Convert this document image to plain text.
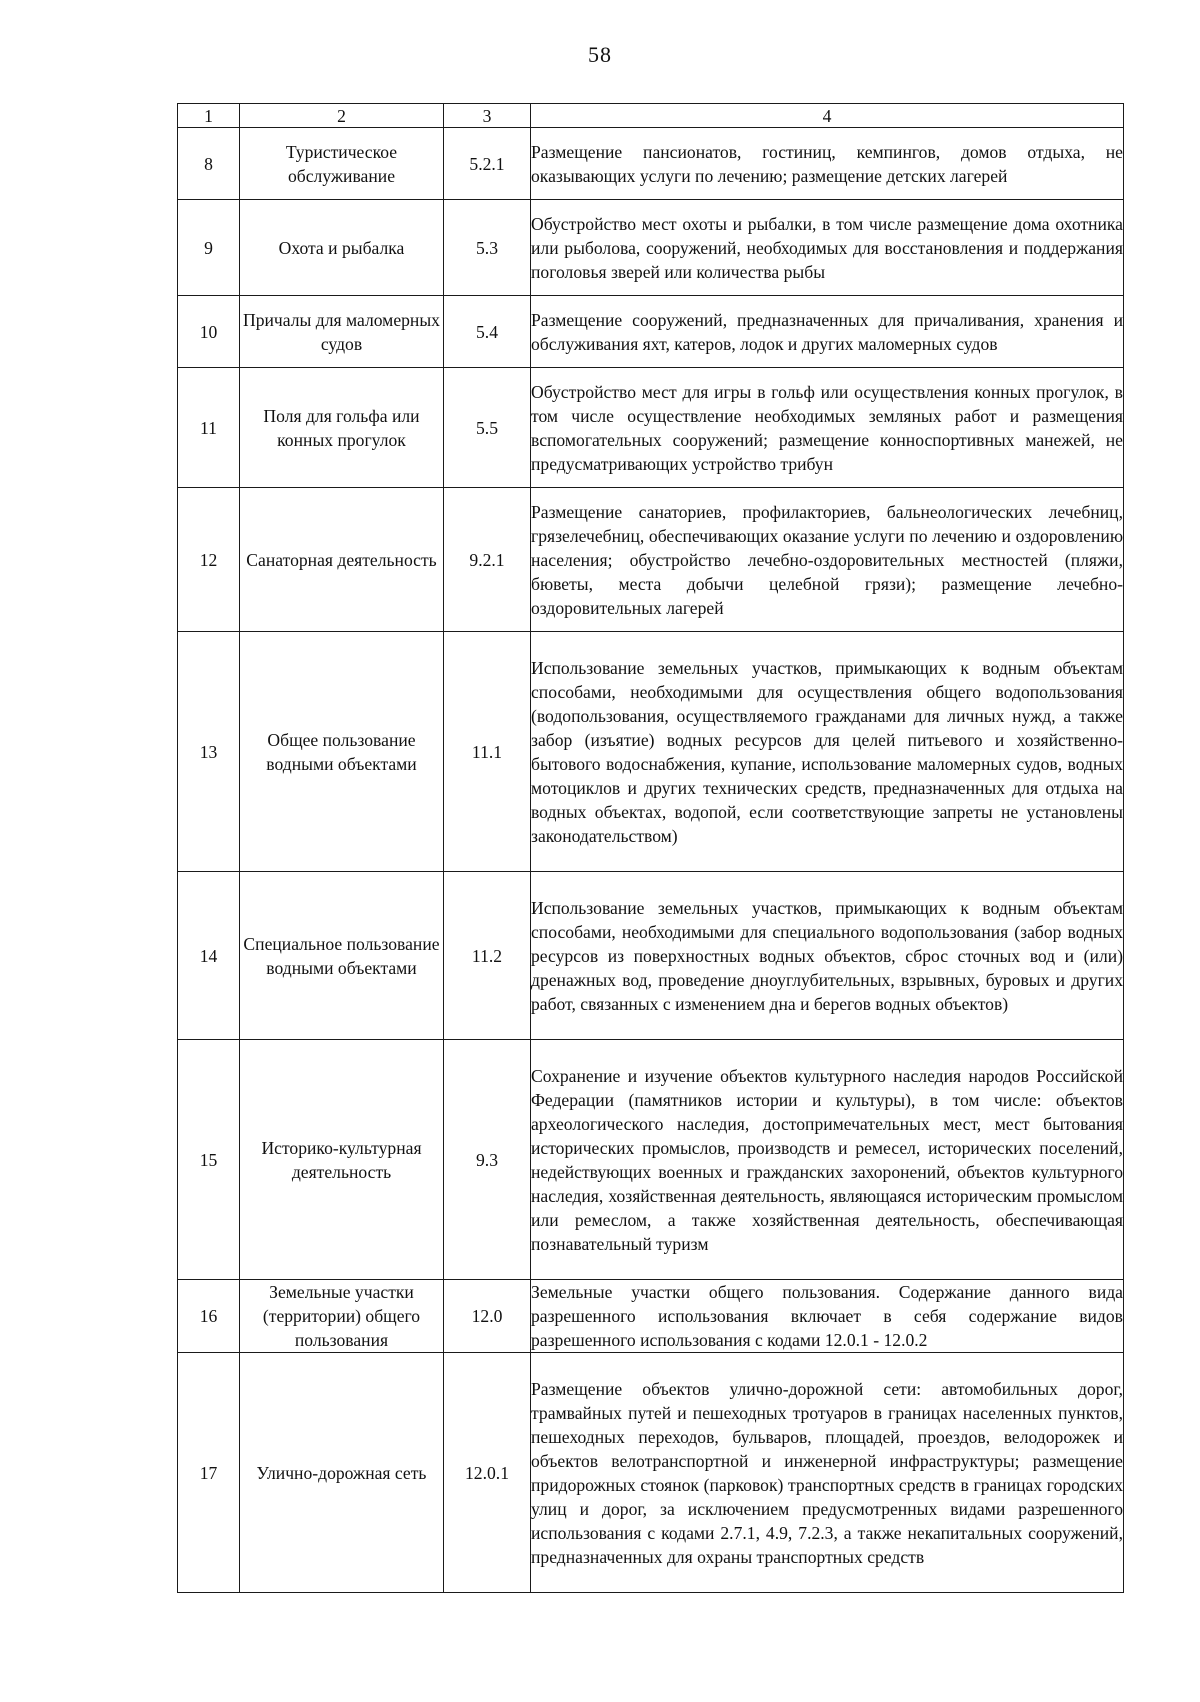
58
1	2	3	4
8	Туристическое обслуживание	5.2.1	Размещение пансионатов, гостиниц, кемпингов, домов отдыха, не оказывающих услуги по лечению; размещение детских лагерей
9	Охота и рыбалка	5.3	Обустройство мест охоты и рыбалки, в том числе размещение дома охотника или рыболова, сооружений, необходимых для восстановления и поддержания поголовья зверей или количества рыбы
10	Причалы для маломерных судов	5.4	Размещение сооружений, предназначенных для причаливания, хранения и обслуживания яхт, катеров, лодок и других маломерных судов
11	Поля для гольфа или конных прогулок	5.5	Обустройство мест для игры в гольф или осуществления конных прогулок, в том числе осуществление необходимых земляных работ и размещения вспомогательных сооружений; размещение конноспортивных манежей, не предусматривающих устройство трибун
12	Санаторная деятельность	9.2.1	Размещение санаториев, профилакториев, бальнеологических лечебниц, грязелечебниц, обеспечивающих оказание услуги по лечению и оздоровлению населения; обустройство лечебно-оздоровительных местностей (пляжи, бюветы, места добычи целебной грязи); размещение лечебно-оздоровительных лагерей
13	Общее пользование водными объектами	11.1	Использование земельных участков, примыкающих к водным объектам способами, необходимыми для осуществления общего водопользования (водопользования, осуществляемого гражданами для личных нужд, а также забор (изъятие) водных ресурсов для целей питьевого и хозяйственно-бытового водоснабжения, купание, использование маломерных судов, водных мотоциклов и других технических средств, предназначенных для отдыха на водных объектах, водопой, если соответствующие запреты не установлены законодательством)
14	Специальное пользование водными объектами	11.2	Использование земельных участков, примыкающих к водным объектам способами, необходимыми для специального водопользования (забор водных ресурсов из поверхностных водных объектов, сброс сточных вод и (или) дренажных вод, проведение дноуглубительных, взрывных, буровых и других работ, связанных с изменением дна и берегов водных объектов)
15	Историко-культурная деятельность	9.3	Сохранение и изучение объектов культурного наследия народов Российской Федерации (памятников истории и культуры), в том числе: объектов археологического наследия, достопримечательных мест, мест бытования исторических промыслов, производств и ремесел, исторических поселений, недействующих военных и гражданских захоронений, объектов культурного наследия, хозяйственная деятельность, являющаяся историческим промыслом или ремеслом, а также хозяйственная деятельность, обеспечивающая познавательный туризм
16	Земельные участки (территории) общего пользования	12.0	Земельные участки общего пользования. Содержание данного вида разрешенного использования включает в себя содержание видов разрешенного использования с кодами 12.0.1 - 12.0.2
17	Улично-дорожная сеть	12.0.1	Размещение объектов улично-дорожной сети: автомобильных дорог, трамвайных путей и пешеходных тротуаров в границах населенных пунктов, пешеходных переходов, бульваров, площадей, проездов, велодорожек и объектов велотранспортной и инженерной инфраструктуры; размещение придорожных стоянок (парковок) транспортных средств в границах городских улиц и дорог, за исключением предусмотренных видами разрешенного использования с кодами 2.7.1, 4.9, 7.2.3, а также некапитальных сооружений, предназначенных для охраны транспортных средств
